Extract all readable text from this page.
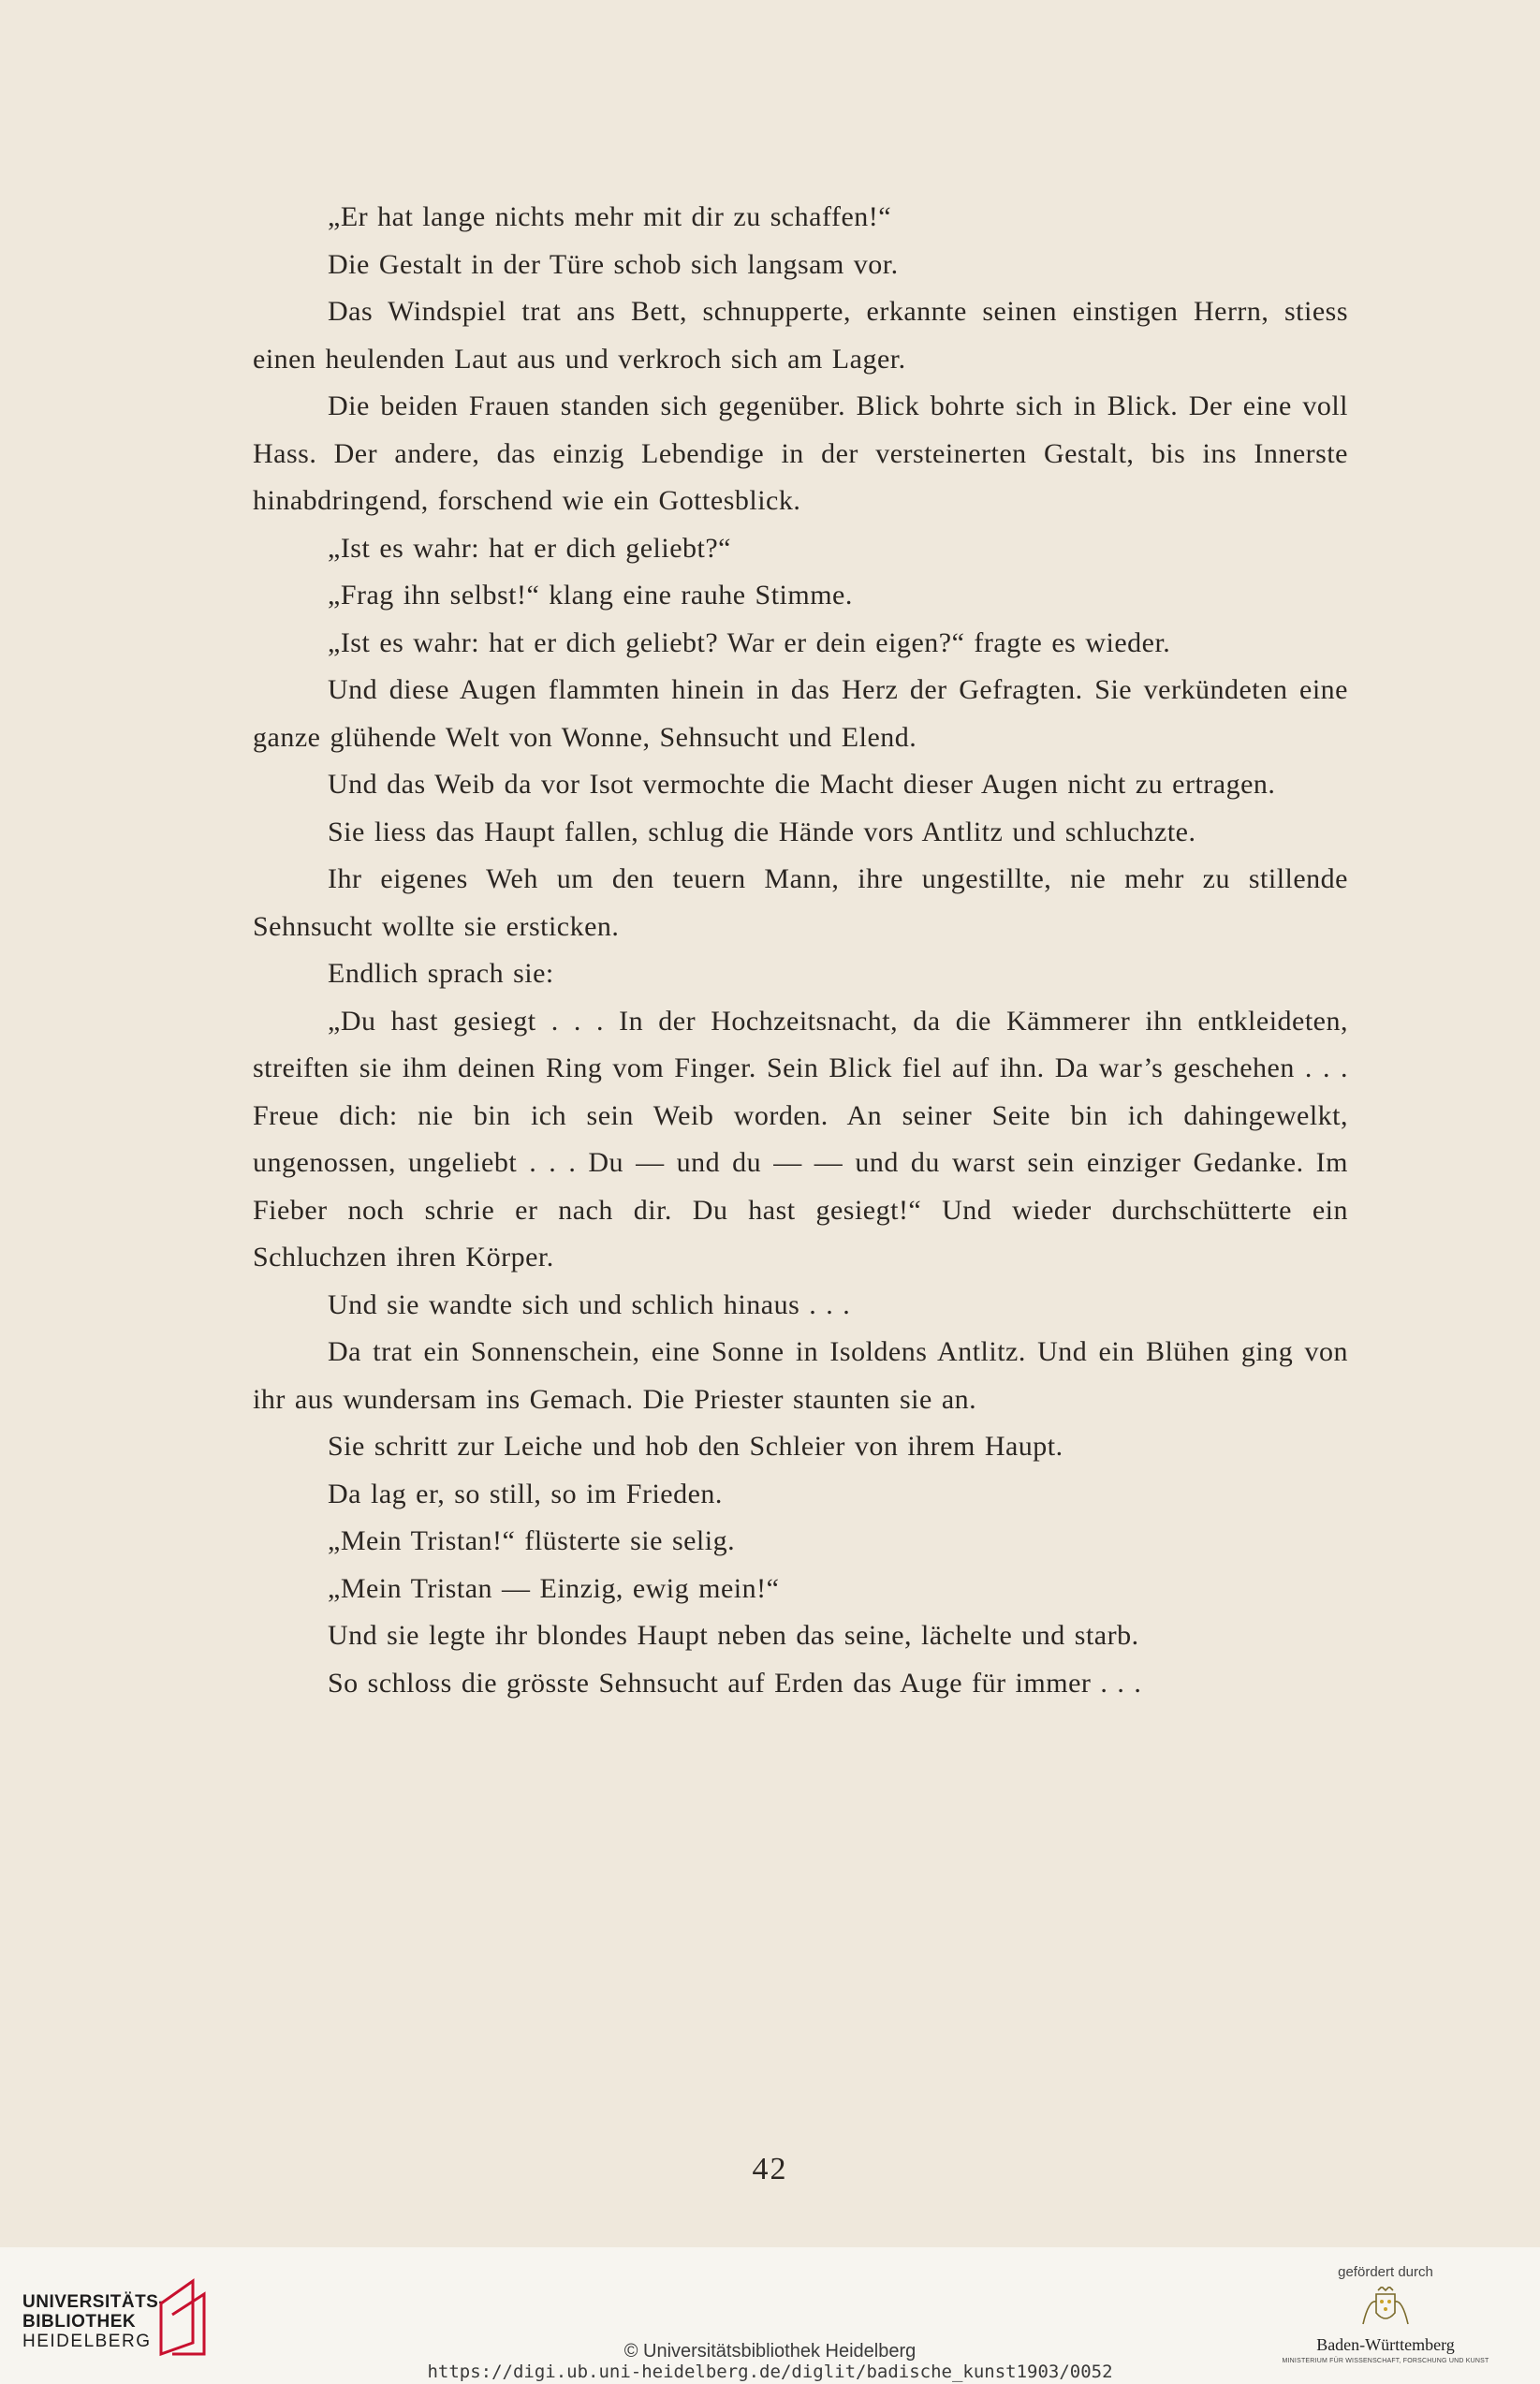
„Er hat lange nichts mehr mit dir zu schaffen!“

Die Gestalt in der Türe schob sich langsam vor.

Das Windspiel trat ans Bett, schnupperte, erkannte seinen einstigen Herrn, stiess einen heulenden Laut aus und verkroch sich am Lager.

Die beiden Frauen standen sich gegenüber. Blick bohrte sich in Blick. Der eine voll Hass. Der andere, das einzig Lebendige in der versteinerten Gestalt, bis ins Innerste hinabdringend, forschend wie ein Gottesblick.

„Ist es wahr: hat er dich geliebt?“

„Frag ihn selbst!“ klang eine rauhe Stimme.

„Ist es wahr: hat er dich geliebt? War er dein eigen?“ fragte es wieder.

Und diese Augen flammten hinein in das Herz der Gefragten. Sie verkündeten eine ganze glühende Welt von Wonne, Sehnsucht und Elend.

Und das Weib da vor Isot vermochte die Macht dieser Augen nicht zu ertragen.

Sie liess das Haupt fallen, schlug die Hände vors Antlitz und schluchzte.

Ihr eigenes Weh um den teuern Mann, ihre ungestillte, nie mehr zu stillende Sehnsucht wollte sie ersticken.

Endlich sprach sie:

„Du hast gesiegt . . . In der Hochzeitsnacht, da die Kämmerer ihn entkleideten, streiften sie ihm deinen Ring vom Finger. Sein Blick fiel auf ihn. Da war’s geschehen . . . Freue dich: nie bin ich sein Weib worden. An seiner Seite bin ich dahingewelkt, ungenossen, ungeliebt . . . Du — und du — — und du warst sein einziger Gedanke. Im Fieber noch schrie er nach dir. Du hast gesiegt!“ Und wieder durchschütterte ein Schluchzen ihren Körper.

Und sie wandte sich und schlich hinaus . . .

Da trat ein Sonnenschein, eine Sonne in Isoldens Antlitz. Und ein Blühen ging von ihr aus wundersam ins Gemach. Die Priester staunten sie an.

Sie schritt zur Leiche und hob den Schleier von ihrem Haupt.

Da lag er, so still, so im Frieden.

„Mein Tristan!“ flüsterte sie selig.

„Mein Tristan — Einzig, ewig mein!“

Und sie legte ihr blondes Haupt neben das seine, lächelte und starb.

So schloss die grösste Sehnsucht auf Erden das Auge für immer . . .

42
UNIVERSITÄTS-
BIBLIOTHEK
HEIDELBERG	© Universitätsbibliothek Heidelberg
https://digi.ub.uni-heidelberg.de/diglit/badische_kunst1903/0052
gefördert durch
Baden-Württemberg
MINISTERIUM FÜR WISSENSCHAFT, FORSCHUNG UND KUNST
